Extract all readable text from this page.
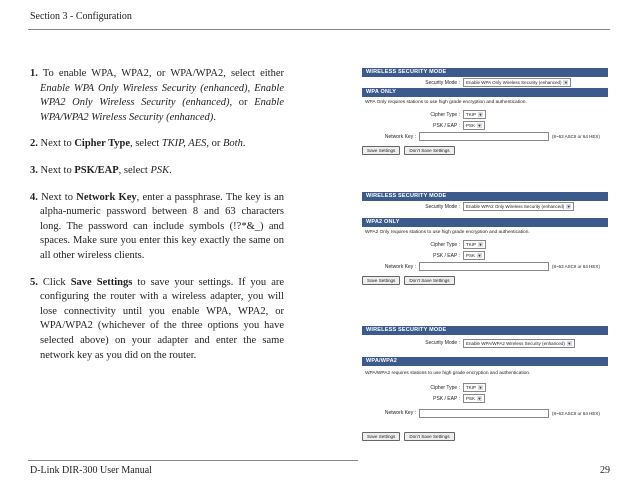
Section 3 - Configuration

1. To enable WPA, WPA2, or WPA/WPA2, select either Enable WPA Only Wireless Security (enhanced), Enable WPA2 Only Wireless Security (enhanced), or Enable WPA/WPA2 Wireless Security (enhanced).

2. Next to Cipher Type, select TKIP, AES, or Both.

3. Next to PSK/EAP, select PSK.

4. Next to Network Key, enter a passphrase. The key is an alpha-numeric password between 8 and 63 characters long. The password can include symbols (!?*&_) and spaces. Make sure you enter this key exactly the same on all other wireless clients.

5. Click Save Settings to save your settings. If you are configuring the router with a wireless adapter, you will lose connectivity until you enable WPA, WPA2, or WPA/WPA2 (whichever of the three options you have selected above) on your adapter and enter the same network key as you did on the router.

WIRELESS SECURITY MODE
Security Mode :	Enable WPA Only Wireless Security (enhanced) ▼
WPA ONLY
WPA Only requires stations to use high grade encryption and authentication.
Cipher Type :	TKIP ▼
PSK / EAP :	PSK ▼
Network Key :	(8~63 ASCII or 64 HEX)
Save Settings	Don't Save Settings
WIRELESS SECURITY MODE
Security Mode :	Enable WPA2 Only Wireless Security (enhanced) ▼
WPA2 ONLY
WPA2 Only requires stations to use high grade encryption and authentication.
Cipher Type :	TKIP ▼
PSK / EAP :	PSK ▼
Network Key :	(8~63 ASCII or 64 HEX)
Save Settings	Don't Save Settings
WIRELESS SECURITY MODE
Security Mode :	Enable WPA/WPA2 Wireless Security (enhanced) ▼
WPA/WPA2
WPA/WPA2 requires stations to use high grade encryption and authentication.
Cipher Type :	TKIP ▼
PSK / EAP :	PSK ▼
Network Key :	(8~63 ASCII or 64 HEX)
Save Settings	Don't Save Settings
D-Link DIR-300 User Manual	29
